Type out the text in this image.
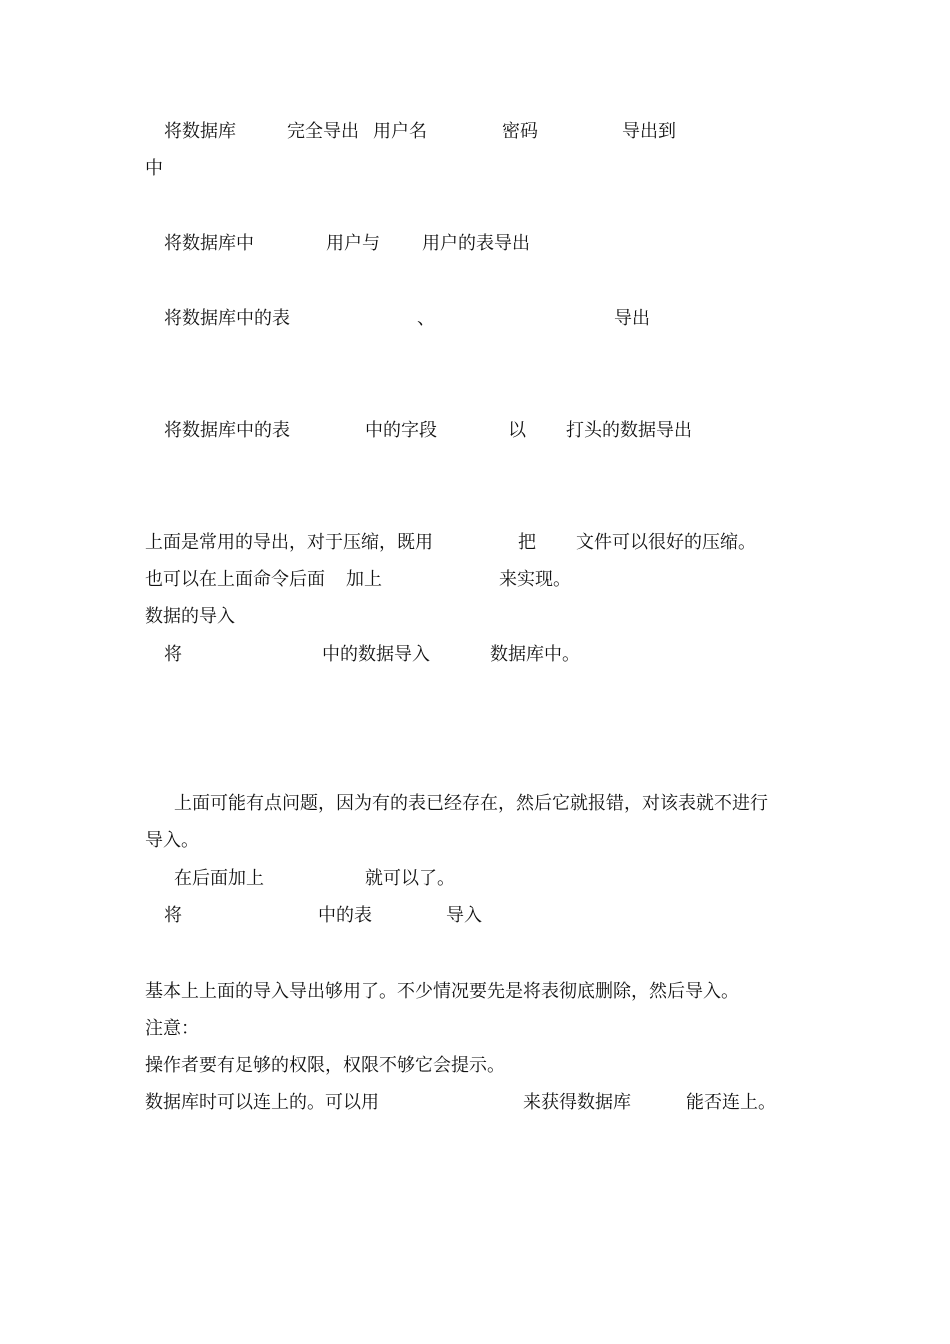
将数据库	完全导出 用户名	密码	导出到
中
将数据库中	用户与 用户的表导出
将数据库中的表	、	导出
将数据库中的表	中的字段	以 打头的数据导出
上面是常用的导出，对于压缩，既用	把 文件可以很好的压缩。
也可以在上面命令后面 加上	来实现。
数据的导入
将	中的数据导入	数据库中。
上面可能有点问题，因为有的表已经存在，然后它就报错，对该表就不进行
导入。
在后面加上	就可以了。
将	中的表	导入
基本上上面的导入导出够用了。不少情况要先是将表彻底删除，然后导入。
注意：
操作者要有足够的权限，权限不够它会提示。
数据库时可以连上的。可以用	来获得数据库	能否连上。
